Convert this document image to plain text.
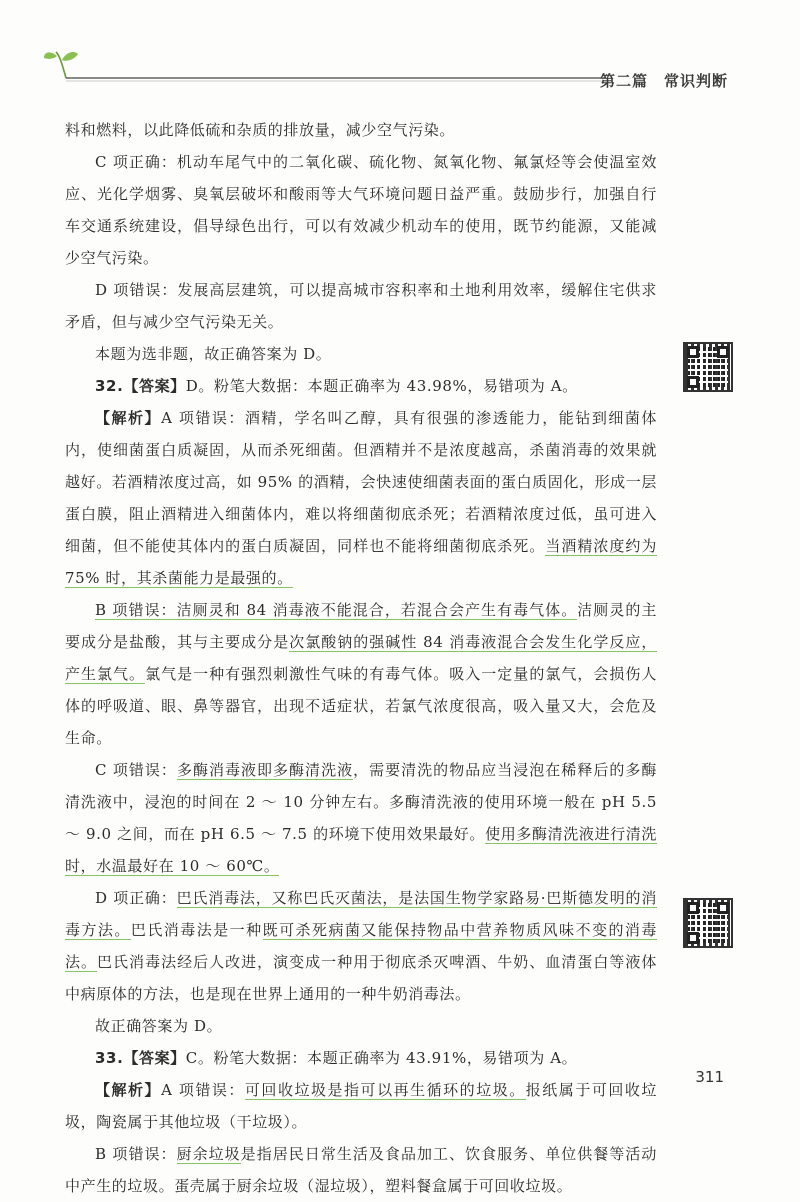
第二篇　常识判断

料和燃料，以此降低硫和杂质的排放量，减少空气污染。

C 项正确：机动车尾气中的二氧化碳、硫化物、氮氧化物、氟氯烃等会使温室效应、光化学烟雾、臭氧层破坏和酸雨等大气环境问题日益严重。鼓励步行，加强自行车交通系统建设，倡导绿色出行，可以有效减少机动车的使用，既节约能源，又能减少空气污染。

D 项错误：发展高层建筑，可以提高城市容积率和土地利用效率，缓解住宅供求矛盾，但与减少空气污染无关。

本题为选非题，故正确答案为 D。

32.【答案】D。粉笔大数据：本题正确率为 43.98%，易错项为 A。

【解析】A 项错误：酒精，学名叫乙醇，具有很强的渗透能力，能钻到细菌体内，使细菌蛋白质凝固，从而杀死细菌。但酒精并不是浓度越高，杀菌消毒的效果就越好。若酒精浓度过高，如 95% 的酒精，会快速使细菌表面的蛋白质固化，形成一层蛋白膜，阻止酒精进入细菌体内，难以将细菌彻底杀死；若酒精浓度过低，虽可进入细菌，但不能使其体内的蛋白质凝固，同样也不能将细菌彻底杀死。当酒精浓度约为 75% 时，其杀菌能力是最强的。

B 项错误：洁厕灵和 84 消毒液不能混合，若混合会产生有毒气体。洁厕灵的主要成分是盐酸，其与主要成分是次氯酸钠的强碱性 84 消毒液混合会发生化学反应，产生氯气。氯气是一种有强烈刺激性气味的有毒气体。吸入一定量的氯气，会损伤人体的呼吸道、眼、鼻等器官，出现不适症状，若氯气浓度很高，吸入量又大，会危及生命。

C 项错误：多酶消毒液即多酶清洗液，需要清洗的物品应当浸泡在稀释后的多酶清洗液中，浸泡的时间在 2 ～ 10 分钟左右。多酶清洗液的使用环境一般在 pH 5.5 ～ 9.0 之间，而在 pH 6.5 ～ 7.5 的环境下使用效果最好。使用多酶清洗液进行清洗时，水温最好在 10 ～ 60℃。

D 项正确：巴氏消毒法，又称巴氏灭菌法，是法国生物学家路易·巴斯德发明的消毒方法。巴氏消毒法是一种既可杀死病菌又能保持物品中营养物质风味不变的消毒法。巴氏消毒法经后人改进，演变成一种用于彻底杀灭啤酒、牛奶、血清蛋白等液体中病原体的方法，也是现在世界上通用的一种牛奶消毒法。

故正确答案为 D。

33.【答案】C。粉笔大数据：本题正确率为 43.91%，易错项为 A。

【解析】A 项错误：可回收垃圾是指可以再生循环的垃圾。报纸属于可回收垃圾，陶瓷属于其他垃圾（干垃圾）。

B 项错误：厨余垃圾是指居民日常生活及食品加工、饮食服务、单位供餐等活动中产生的垃圾。蛋壳属于厨余垃圾（湿垃圾），塑料餐盒属于可回收垃圾。

311
